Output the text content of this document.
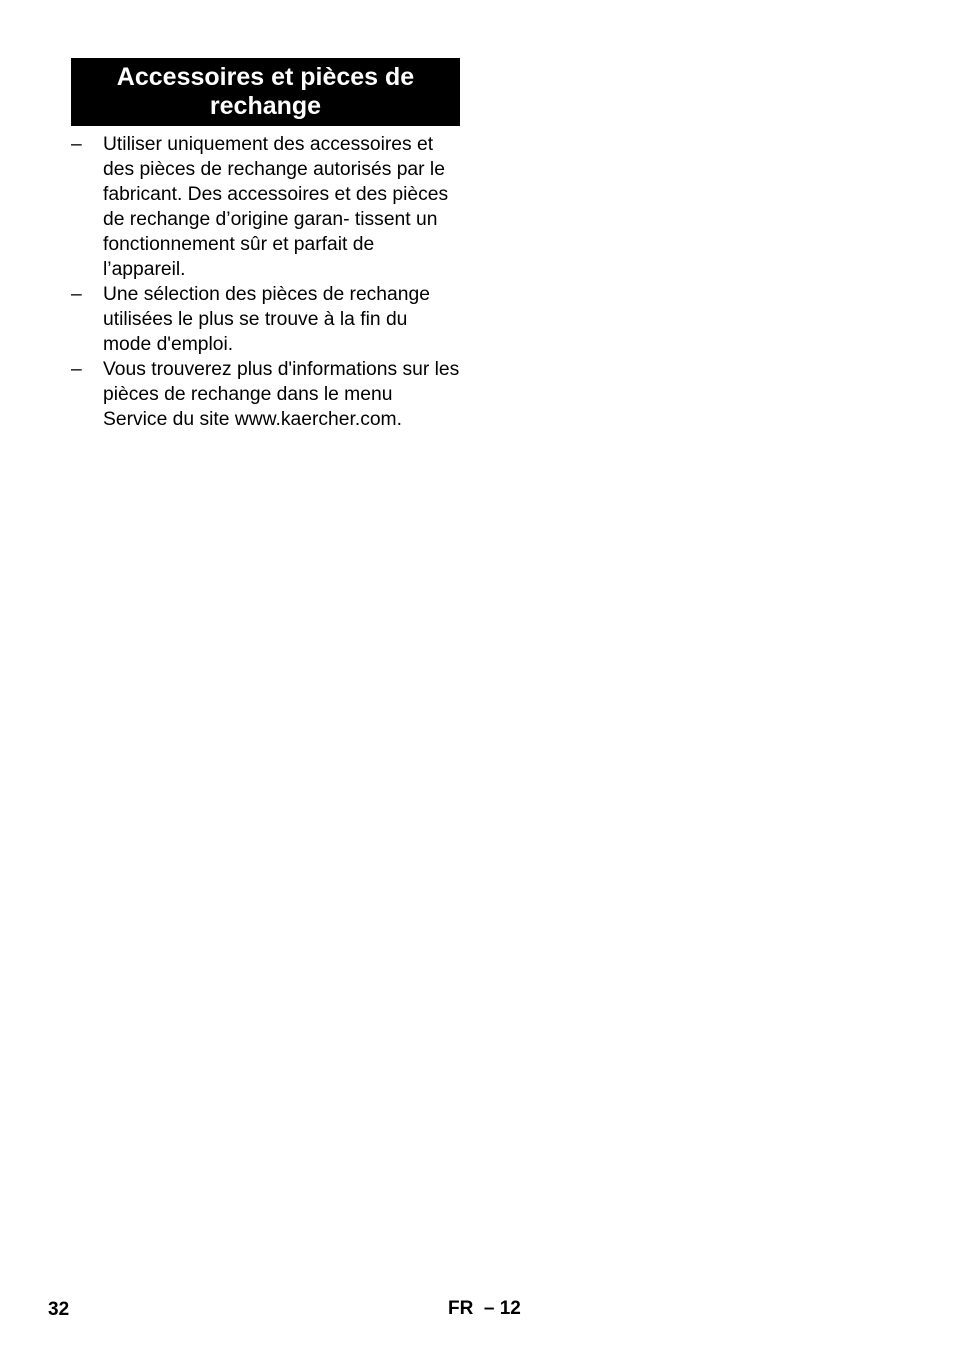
Accessoires et pièces de rechange
–	Utiliser uniquement des accessoires et des pièces de rechange autorisés par le fabricant. Des accessoires et des pièces de rechange d’origine garan- tissent un fonctionnement sûr et parfait de l’appareil.
–	Une sélection des pièces de rechange utilisées le plus se trouve à la fin du mode d'emploi.
–	Vous trouverez plus d'informations sur les pièces de rechange dans le menu Service du site www.kaercher.com.
32	FR  – 12
